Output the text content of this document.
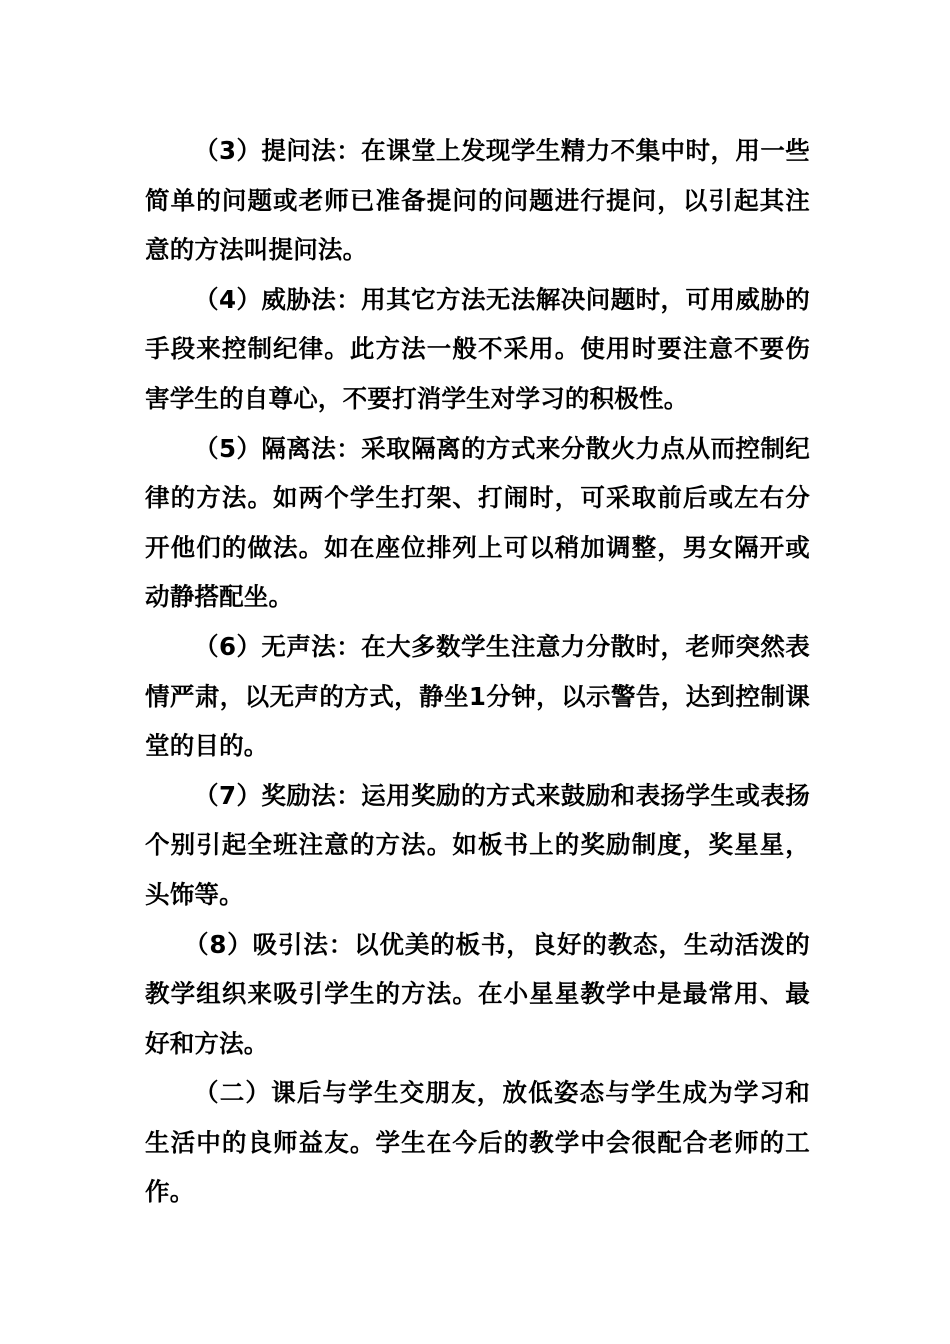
（3）提问法：在课堂上发现学生精力不集中时，用一些简单的问题或老师已准备提问的问题进行提问，以引起其注意的方法叫提问法。

（4）威胁法：用其它方法无法解决问题时，可用威胁的手段来控制纪律。此方法一般不采用。使用时要注意不要伤害学生的自尊心，不要打消学生对学习的积极性。

（5）隔离法：采取隔离的方式来分散火力点从而控制纪律的方法。如两个学生打架、打闹时，可采取前后或左右分开他们的做法。如在座位排列上可以稍加调整，男女隔开或动静搭配坐。

（6）无声法：在大多数学生注意力分散时，老师突然表情严肃，以无声的方式，静坐1分钟，以示警告，达到控制课堂的目的。

（7）奖励法：运用奖励的方式来鼓励和表扬学生或表扬个别引起全班注意的方法。如板书上的奖励制度，奖星星，头饰等。

（8）吸引法：以优美的板书，良好的教态，生动活泼的教学组织来吸引学生的方法。在小星星教学中是最常用、最好和方法。

（二）课后与学生交朋友，放低姿态与学生成为学习和生活中的良师益友。学生在今后的教学中会很配合老师的工作。
